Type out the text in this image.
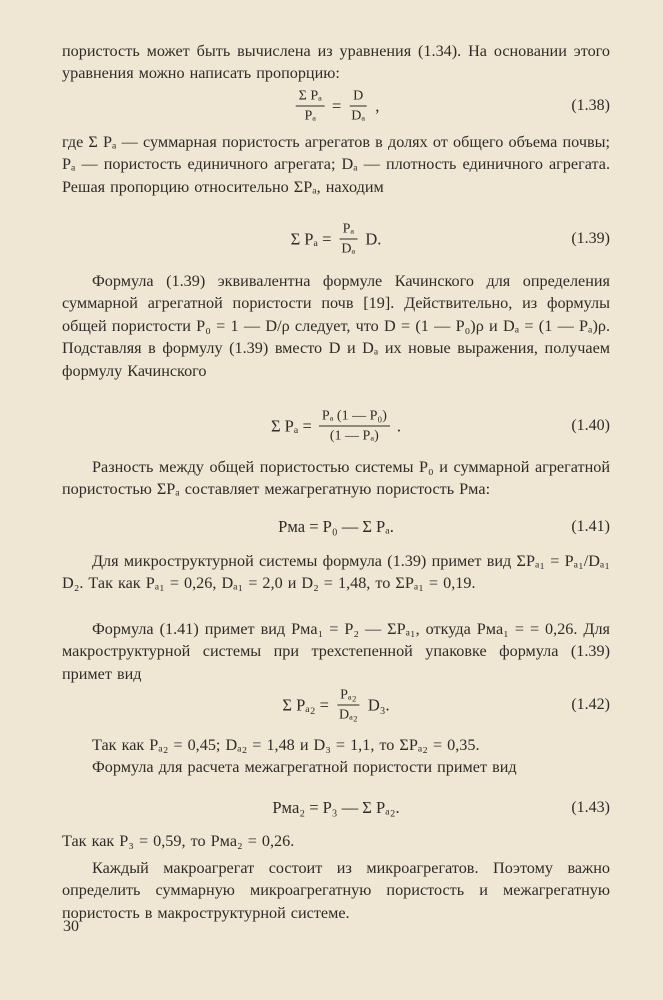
пористость может быть вычислена из уравнения (1.34). На основании этого уравнения можно написать пропорцию:
$\frac{\text{Σ Pₐ}}{\text{Pₐ}} = \frac{D}{\text{Dₐ}}$ ,	(1.38)
где Σ Pₐ — суммарная пористость агрегатов в долях от общего объема почвы; Pₐ — пористость единичного агрегата; Dₐ — плотность единичного агрегата. Решая пропорцию относительно ΣPₐ, находим
Σ $P_a = \frac{\text{Pₐ}}{\text{Dₐ}} D$.	(1.39)
Формула (1.39) эквивалентна формуле Качинского для определения суммарной агрегатной пористости почв [19]. Действительно, из формулы общей пористости P₀ = 1 — D/ρ следует, что D = (1 — P₀)ρ и Dₐ = (1 — Pₐ)ρ. Подставляя в формулу (1.39) вместо D и Dₐ их новые выражения, получаем формулу Качинского
Σ $P_a = \frac{\text{Pₐ (1 — P₀)}}{\text{(1 — Pₐ)}}$ .	(1.40)
Разность между общей пористостью системы P₀ и суммарной агрегатной пористостью ΣPₐ составляет межагрегатную пористость Pмa:
Pмa = P₀ — Σ Pₐ.	(1.41)
Для микроструктурной системы формула (1.39) примет вид ΣPₐ₁ = Pₐ₁/Dₐ₁ D₂. Так как Pₐ₁ = 0,26, Dₐ₁ = 2,0 и D₂ = 1,48, то ΣPₐ₁ = 0,19.
Формула (1.41) примет вид Pмa₁ = P₂ — ΣPₐ₁, откуда Pмa₁ = = 0,26. Для макроструктурной системы при трехстепенной упаковке формула (1.39) примет вид
Σ $P_{a2} = \frac{\text{Pₐ₂}}{\text{Dₐ₂}} D_3$.	(1.42)
Так как Pₐ₂ = 0,45; Dₐ₂ = 1,48 и D₃ = 1,1, то ΣPₐ₂ = 0,35.
Формула для расчета межагрегатной пористости примет вид
Pмa₂ = P₃ — Σ Pₐ₂.	(1.43)
Так как P₃ = 0,59, то Pмa₂ = 0,26.
Каждый макроагрегат состоит из микроагрегатов. Поэтому важно определить суммарную микроагрегатную пористость и межагрегатную пористость в макроструктурной системе.
30
